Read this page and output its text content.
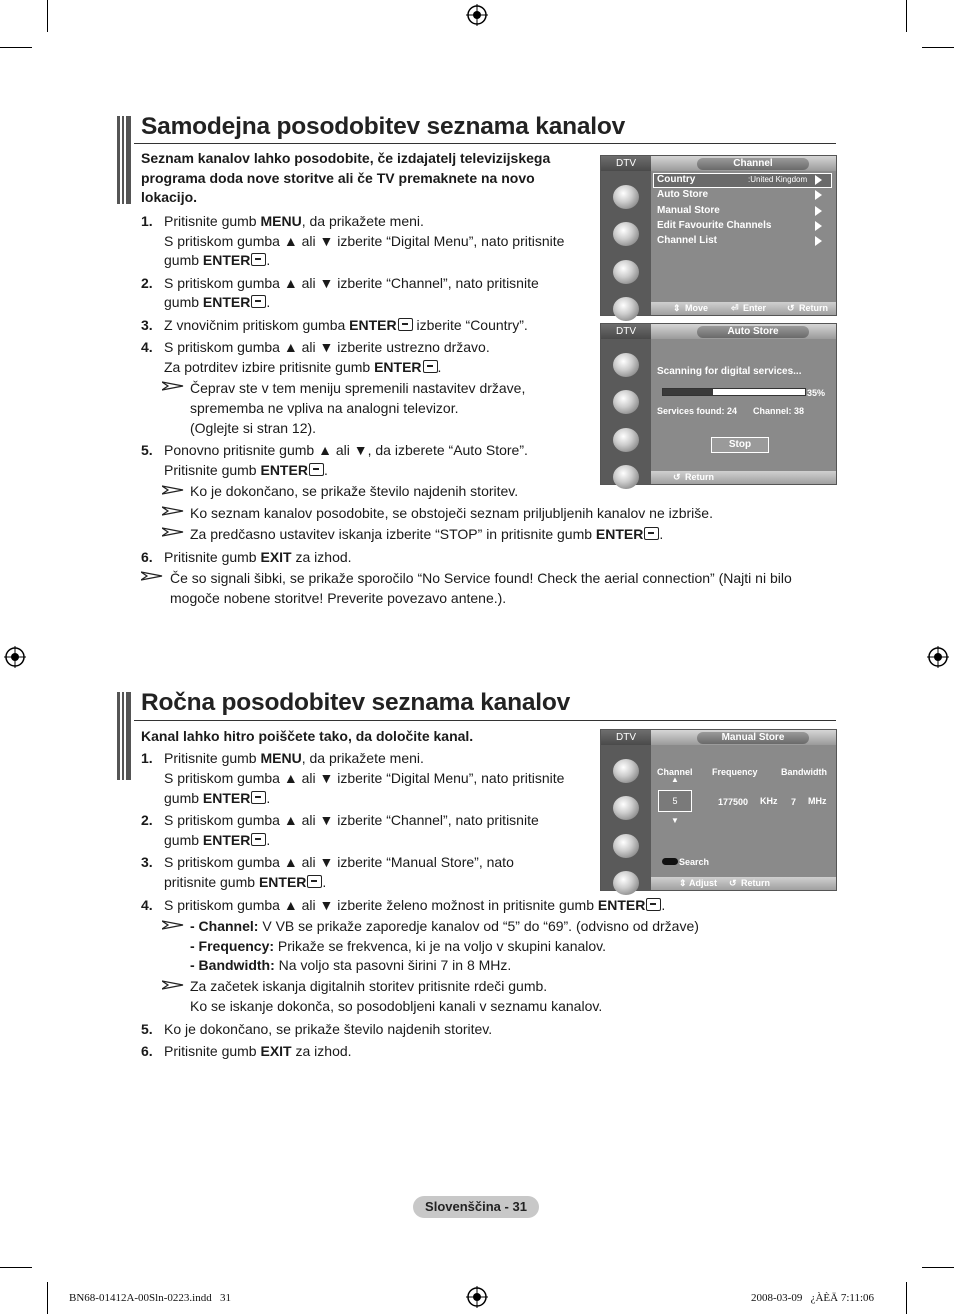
Samodejna posodobitev seznama kanalov
Seznam kanalov lahko posodobite, če izdajatelj televizijskega
programa doda nove storitve ali če TV premaknete na novo
lokacijo.
1. Pritisnite gumb MENU, da prikažete meni.
S pritiskom gumba ▲ ali ▼ izberite “Digital Menu”, nato pritisnite
gumb ENTER .
2. S pritiskom gumba ▲ ali ▼ izberite “Channel”, nato pritisnite
gumb ENTER .
3. Z vnovičnim pritiskom gumba ENTER izberite “Country”.
4. S pritiskom gumba ▲ ali ▼ izberite ustrezno državo.
Za potrditev izbire pritisnite gumb ENTER .
Čeprav ste v tem meniju spremenili nastavitev države,
sprememba ne vpliva na analogni televizor.
(Oglejte si stran 12).
5. Ponovno pritisnite gumb ▲ ali ▼, da izberete “Auto Store”.
Pritisnite gumb ENTER .
Ko je dokončano, se prikaže število najdenih storitev.
Ko seznam kanalov posodobite, se obstoječi seznam priljubljenih kanalov ne izbriše.
Za predčasno ustavitev iskanja izberite “STOP” in pritisnite gumb ENTER .
6. Pritisnite gumb EXIT za izhod.
Če so signali šibki, se prikaže sporočilo “No Service found! Check the aerial connection” (Najti ni bilo
mogoče nobene storitve! Preverite povezavo antene.).
DTV	Channel
Country	:United Kingdom
Auto Store
Manual Store
Edit Favourite Channels
Channel List
⇕ Move	⏎ Enter ↺ Return
DTV	Auto Store
Scanning for digital services...
35%
Services found: 24 Channel: 38
Stop
↺ Return
Ročna posodobitev seznama kanalov
Kanal lahko hitro poiščete tako, da določite kanal.
1. Pritisnite gumb MENU, da prikažete meni.
S pritiskom gumba ▲ ali ▼ izberite “Digital Menu”, nato pritisnite
gumb ENTER .
2. S pritiskom gumba ▲ ali ▼ izberite “Channel”, nato pritisnite
gumb ENTER .
3. S pritiskom gumba ▲ ali ▼ izberite “Manual Store”, nato
pritisnite gumb ENTER .
4. S pritiskom gumba ▲ ali ▼ izberite želeno možnost in pritisnite gumb ENTER .
- Channel: V VB se prikaže zaporedje kanalov od “5” do “69”. (odvisno od države)
- Frequency: Prikaže se frekvenca, ki je na voljo v skupini kanalov.
- Bandwidth: Na voljo sta pasovni širini 7 in 8 MHz.
Za začetek iskanja digitalnih storitev pritisnite rdeči gumb.
Ko se iskanje dokonča, so posodobljeni kanali v seznamu kanalov.
5. Ko je dokončano, se prikaže število najdenih storitev.
6. Pritisnite gumb EXIT za izhod.
DTV	Manual Store
Channel Frequency	Bandwidth
▲
5
▼
177500 KHz 7 MHz
Search
⇕ Adjust ↺ Return
Slovenščina - 31
BN68-01412A-00Sln-0223.indd   31	2008-03-09   ¿ÀÈÄ 7:11:06
